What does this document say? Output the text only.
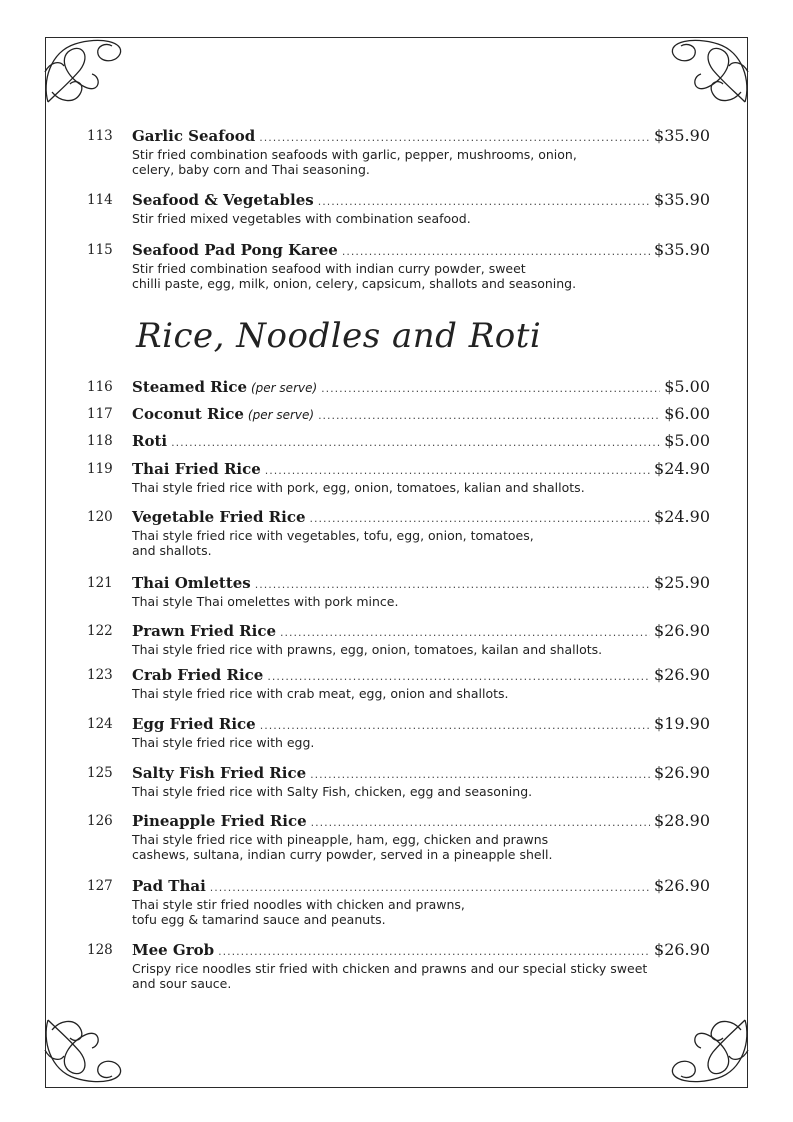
113 Garlic Seafood .....	$35.90
Stir fried combination seafoods with garlic, pepper, mushrooms, onion,
celery, baby corn and Thai seasoning.
114 Seafood & Vegetables .....	$35.90
Stir fried mixed vegetables with combination seafood.
115 Seafood Pad Pong Karee .....	$35.90
Stir fried combination seafood with indian curry powder, sweet
chilli paste, egg, milk, onion, celery, capsicum, shallots and seasoning.
Rice, Noodles and Roti
116 Steamed Rice (per serve) .....	$5.00
117 Coconut Rice (per serve) .....	$6.00
118 Roti .....	$5.00
119 Thai Fried Rice .....	$24.90
Thai style fried rice with pork, egg, onion, tomatoes, kalian and shallots.
120 Vegetable Fried Rice .....	$24.90
Thai style fried rice with vegetables, tofu, egg, onion, tomatoes,
and shallots.
121 Thai Omlettes .....	$25.90
Thai style Thai omelettes with pork mince.
122 Prawn Fried Rice .....	$26.90
Thai style fried rice with prawns, egg, onion, tomatoes, kailan and shallots.
123 Crab Fried Rice .....	$26.90
Thai style fried rice with crab meat, egg, onion and shallots.
124 Egg Fried Rice .....	$19.90
Thai style fried rice with egg.
125 Salty Fish Fried Rice .....	$26.90
Thai style fried rice with Salty Fish, chicken, egg and seasoning.
126 Pineapple Fried Rice .....	$28.90
Thai style fried rice with pineapple, ham, egg, chicken and prawns
cashews, sultana, indian curry powder, served in a pineapple shell.
127 Pad Thai .....	$26.90
Thai style stir fried noodles with chicken and prawns,
tofu egg & tamarind sauce and peanuts.
128 Mee Grob .....	$26.90
Crispy rice noodles stir fried with chicken and prawns and our special sticky sweet
and sour sauce.
